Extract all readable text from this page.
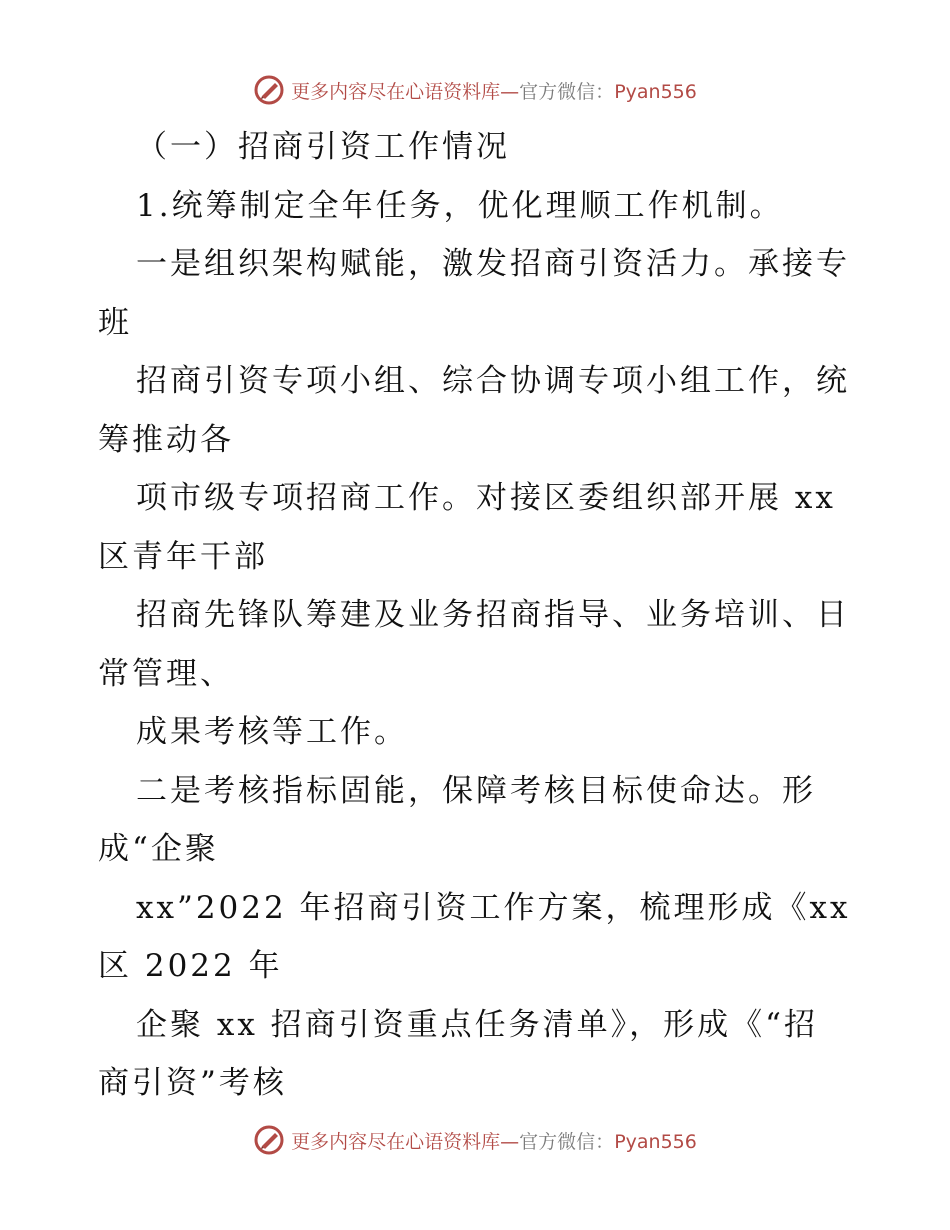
更多内容尽在心语资料库—官方微信：Pyan556
（一）招商引资工作情况
1.统筹制定全年任务，优化理顺工作机制。
一是组织架构赋能，激发招商引资活力。承接专
班
招商引资专项小组、综合协调专项小组工作，统
筹推动各
项市级专项招商工作。对接区委组织部开展 xx
区青年干部
招商先锋队筹建及业务招商指导、业务培训、日
常管理、
成果考核等工作。
二是考核指标固能，保障考核目标使命达。形
成“企聚
xx”2022 年招商引资工作方案，梳理形成《xx
区 2022 年
企聚 xx 招商引资重点任务清单》，形成《“招
商引资”考核
更多内容尽在心语资料库—官方微信：Pyan556
